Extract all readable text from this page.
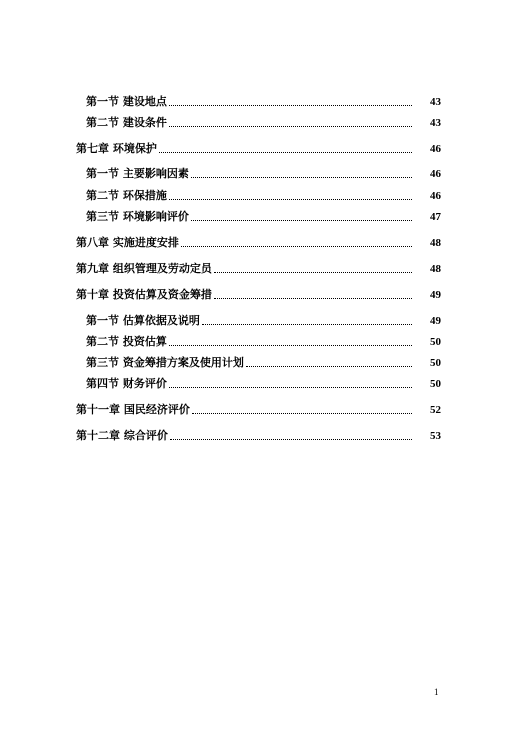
第一节 建设地点	43
第二节 建设条件	43
第七章 环境保护	46
第一节 主要影响因素	46
第二节 环保措施	46
第三节 环境影响评价	47
第八章 实施进度安排	48
第九章 组织管理及劳动定员	48
第十章 投资估算及资金筹措	49
第一节 估算依据及说明	49
第二节 投资估算	50
第三节 资金筹措方案及使用计划	50
第四节 财务评价	50
第十一章 国民经济评价	52
第十二章 综合评价	53
1
